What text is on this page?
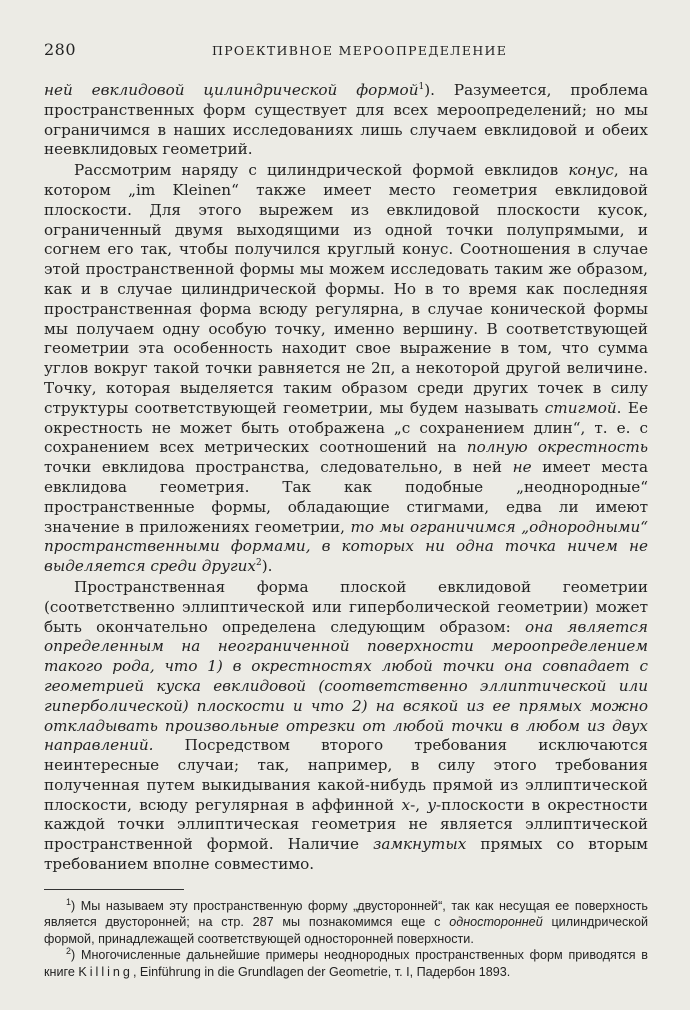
280	ПРОЕКТИВНОЕ МЕРООПРЕДЕЛЕНИЕ

ней евклидовой цилиндрической формой$^1$). Разумеется, проблема пространственных форм существует для всех мероопределений; но мы ограничимся в наших исследованиях лишь случаем евклидовой и обеих неевклидовых геометрий.

Рассмотрим наряду с цилиндрической формой евклидов конус, на котором „im Kleinen“ также имеет место геометрия евклидовой плоскости. Для этого вырежем из евклидовой плоскости кусок, ограниченный двумя выходящими из одной точки полупрямыми, и согнем его так, чтобы получился круглый конус. Соотношения в случае этой пространственной формы мы можем исследовать таким же образом, как и в случае цилиндрической формы. Но в то время как последняя пространственная форма всюду регулярна, в случае конической формы мы получаем одну особую точку, именно вершину. В соответствующей геометрии эта особенность находит свое выражение в том, что сумма углов вокруг такой точки равняется не 2π, а некоторой другой величине. Точку, которая выделяется таким образом среди других точек в силу структуры соответствующей геометрии, мы будем называть стигмой. Ее окрестность не может быть отображена „с сохранением длин“, т. е. с сохранением всех метрических соотношений на полную окрестность точки евклидова пространства, следовательно, в ней не имеет места евклидова геометрия. Так как подобные „неоднородные“ пространственные формы, обладающие стигмами, едва ли имеют значение в приложениях геометрии, то мы ограничимся „однородными“ пространственными формами, в которых ни одна точка ничем не выделяется среди других$^2$).

Пространственная форма плоской евклидовой геометрии (соответственно эллиптической или гиперболической геометрии) может быть окончательно определена следующим образом: она является определенным на неограниченной поверхности мероопределением такого рода, что 1) в окрестностях любой точки она совпадает с геометрией куска евклидовой (соответственно эллиптической или гиперболической) плоскости и что 2) на всякой из ее прямых можно откладывать произвольные отрезки от любой точки в любом из двух направлений. Посредством второго требования исключаются неинтересные случаи; так, например, в силу этого требования полученная путем выкидывания какой-нибудь прямой из эллиптической плоскости, всюду регулярная в аффинной x-, y-плоскости в окрестности каждой точки эллиптическая геометрия не является эллиптической пространственной формой. Наличие замкнутых прямых со вторым требованием вполне совместимо.

$^1$) Мы называем эту пространственную форму „двусторонней“, так как несущая ее поверхность является двусторонней; на стр. 287 мы познакомимся еще с односторонней цилиндрической формой, принадлежащей соответствующей односторонней поверхности.

$^2$) Многочисленные дальнейшие примеры неоднородных пространственных форм приводятся в книге Killing, Einführung in die Grundlagen der Geometrie, т. I, Падербон 1893.
